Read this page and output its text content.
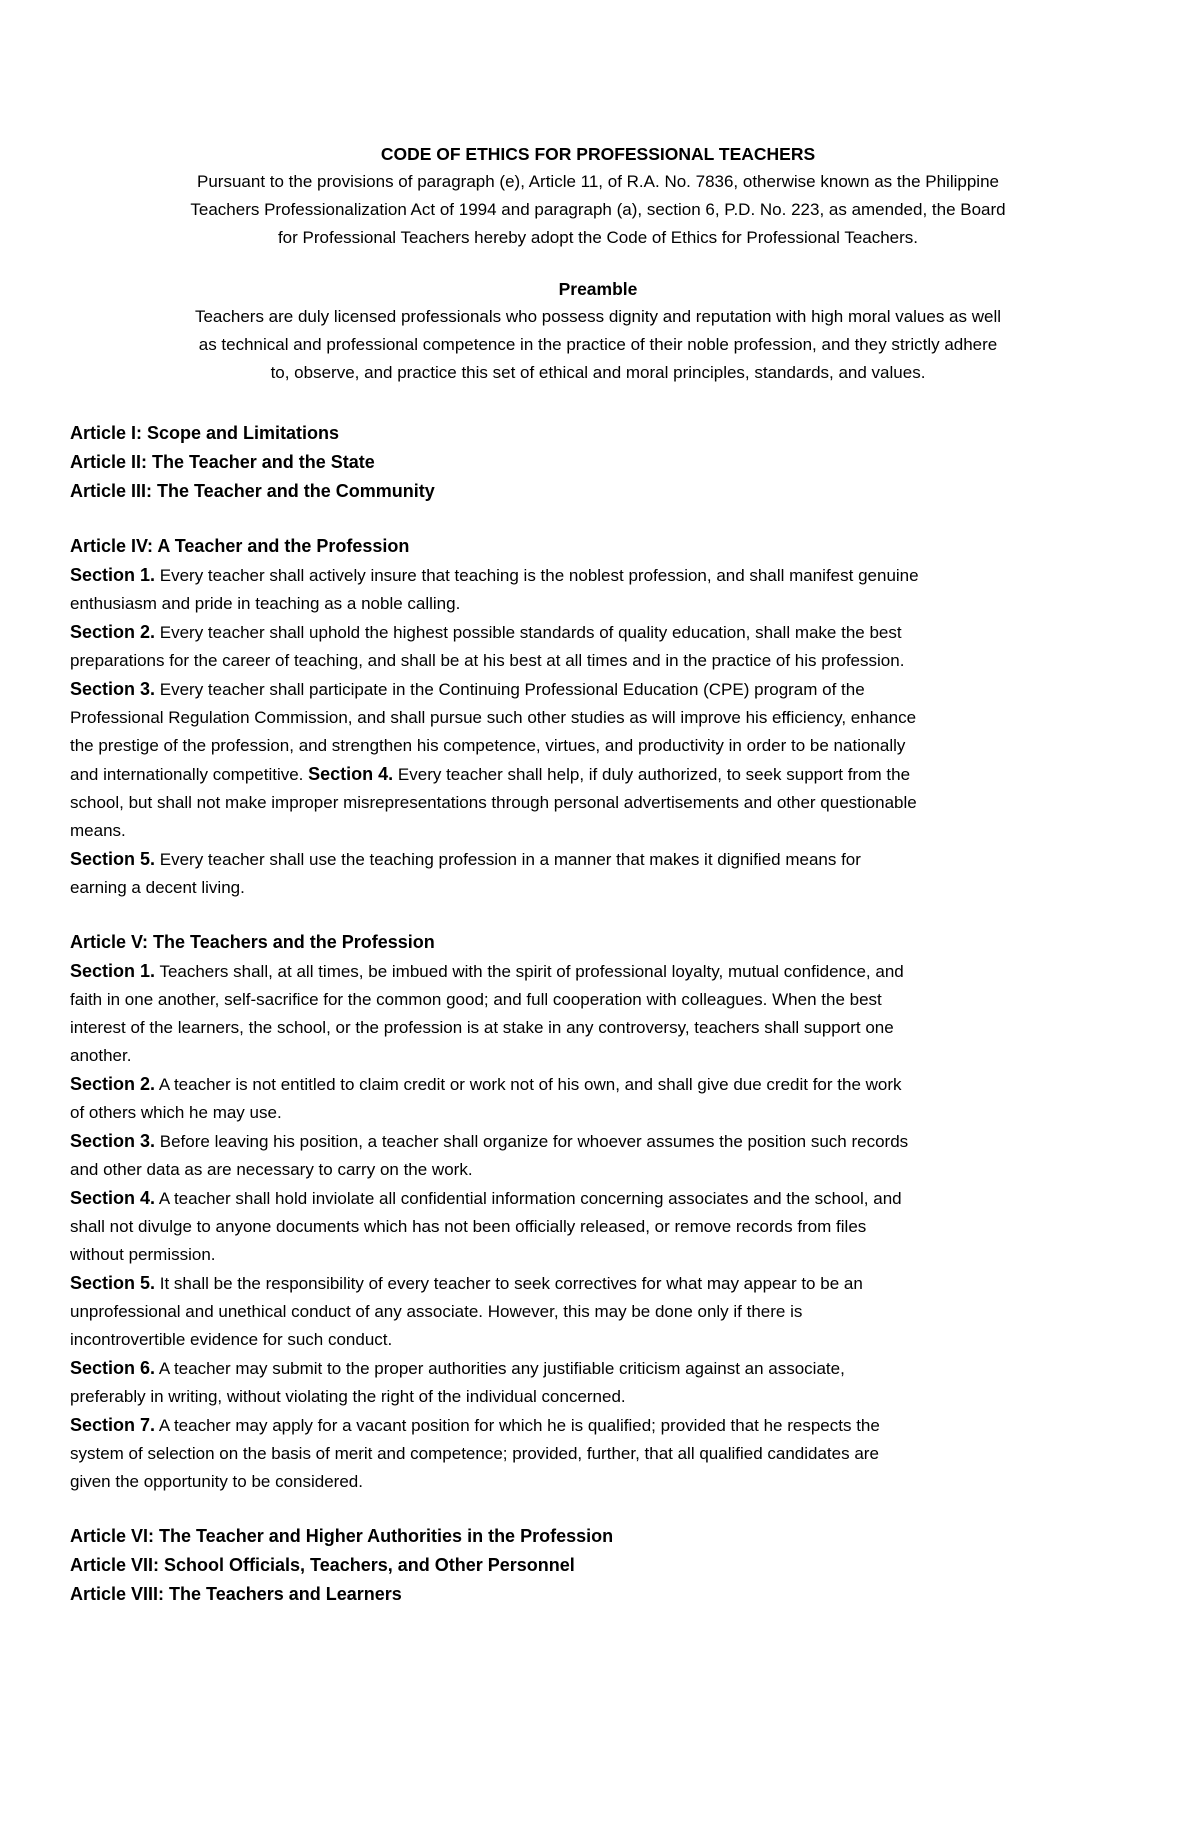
CODE OF ETHICS FOR PROFESSIONAL TEACHERS
Pursuant to the provisions of paragraph (e), Article 11, of R.A. No. 7836, otherwise known as the Philippine Teachers Professionalization Act of 1994 and paragraph (a), section 6, P.D. No. 223, as amended, the Board for Professional Teachers hereby adopt the Code of Ethics for Professional Teachers.
Preamble
Teachers are duly licensed professionals who possess dignity and reputation with high moral values as well as technical and professional competence in the practice of their noble profession, and they strictly adhere to, observe, and practice this set of ethical and moral principles, standards, and values.
Article I: Scope and Limitations
Article II: The Teacher and the State
Article III: The Teacher and the Community
Article IV: A Teacher and the Profession
Section 1. Every teacher shall actively insure that teaching is the noblest profession, and shall manifest genuine enthusiasm and pride in teaching as a noble calling.
Section 2. Every teacher shall uphold the highest possible standards of quality education, shall make the best preparations for the career of teaching, and shall be at his best at all times and in the practice of his profession.
Section 3. Every teacher shall participate in the Continuing Professional Education (CPE) program of the Professional Regulation Commission, and shall pursue such other studies as will improve his efficiency, enhance the prestige of the profession, and strengthen his competence, virtues, and productivity in order to be nationally and internationally competitive. Section 4. Every teacher shall help, if duly authorized, to seek support from the school, but shall not make improper misrepresentations through personal advertisements and other questionable means.
Section 5. Every teacher shall use the teaching profession in a manner that makes it dignified means for earning a decent living.
Article V: The Teachers and the Profession
Section 1. Teachers shall, at all times, be imbued with the spirit of professional loyalty, mutual confidence, and faith in one another, self-sacrifice for the common good; and full cooperation with colleagues. When the best interest of the learners, the school, or the profession is at stake in any controversy, teachers shall support one another.
Section 2. A teacher is not entitled to claim credit or work not of his own, and shall give due credit for the work of others which he may use.
Section 3. Before leaving his position, a teacher shall organize for whoever assumes the position such records and other data as are necessary to carry on the work.
Section 4. A teacher shall hold inviolate all confidential information concerning associates and the school, and shall not divulge to anyone documents which has not been officially released, or remove records from files without permission.
Section 5. It shall be the responsibility of every teacher to seek correctives for what may appear to be an unprofessional and unethical conduct of any associate. However, this may be done only if there is incontrovertible evidence for such conduct.
Section 6. A teacher may submit to the proper authorities any justifiable criticism against an associate, preferably in writing, without violating the right of the individual concerned.
Section 7. A teacher may apply for a vacant position for which he is qualified; provided that he respects the system of selection on the basis of merit and competence; provided, further, that all qualified candidates are given the opportunity to be considered.
Article VI: The Teacher and Higher Authorities in the Profession
Article VII: School Officials, Teachers, and Other Personnel
Article VIII: The Teachers and Learners
